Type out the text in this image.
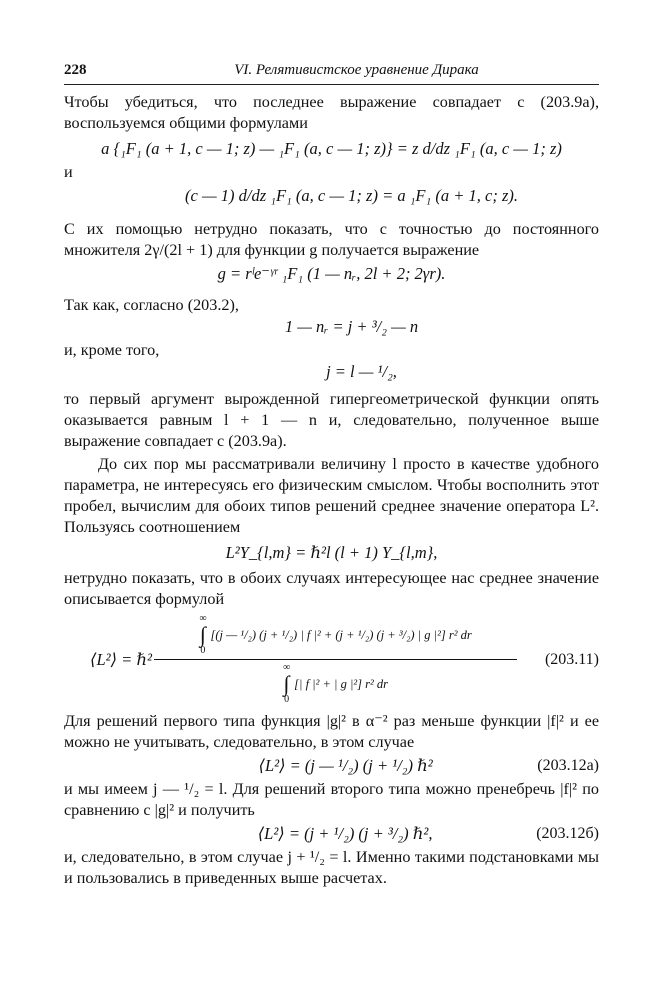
228	VI. Релятивистское уравнение Дирака

Чтобы убедиться, что последнее выражение совпадает с (203.9а), воспользуемся общими формулами

a {₁F₁ (a + 1, c — 1; z) — ₁F₁ (a, c — 1; z)} = z d/dz ₁F₁ (a, c — 1; z)

и

(c — 1) d/dz ₁F₁ (a, c — 1; z) = a ₁F₁ (a + 1, c; z).

С их помощью нетрудно показать, что с точностью до постоянного множителя 2γ/(2l + 1) для функции g получается выражение

g = rˡe⁻ᵞʳ ₁F₁ (1 — nᵣ, 2l + 2; 2γr).

Так как, согласно (203.2),

1 — nᵣ = j + ³/₂ — n

и, кроме того,

j = l — ¹/₂,

то первый аргумент вырожденной гипергеометрической функции опять оказывается равным l + 1 — n и, следовательно, полученное выше выражение совпадает с (203.9а).

До сих пор мы рассматривали величину l просто в качестве удобного параметра, не интересуясь его физическим смыслом. Чтобы восполнить этот пробел, вычислим для обоих типов решений среднее значение оператора L². Пользуясь соотношением

L²Y_{l,m} = ℏ²l (l + 1) Y_{l,m},

нетрудно показать, что в обоих случаях интересующее нас среднее значение описывается формулой

⟨L²⟩ = ℏ²
∞
∫
0
[(j — ¹/₂) (j + ¹/₂) | f |² + (j + ¹/₂) (j + ³/₂) | g |²] r² dr
∞
∫
0
[| f |² + | g |²] r² dr
(203.11)

Для решений первого типа функция |g|² в α⁻² раз меньше функции |f|² и ее можно не учитывать, следовательно, в этом случае

⟨L²⟩ = (j — ¹/₂) (j + ¹/₂) ℏ²	(203.12а)

и мы имеем j — ¹/₂ = l. Для решений второго типа можно пренебречь |f|² по сравнению с |g|² и получить

⟨L²⟩ = (j + ¹/₂) (j + ³/₂) ℏ²,	(203.12б)

и, следовательно, в этом случае j + ¹/₂ = l. Именно такими подстановками мы и пользовались в приведенных выше расчетах.
